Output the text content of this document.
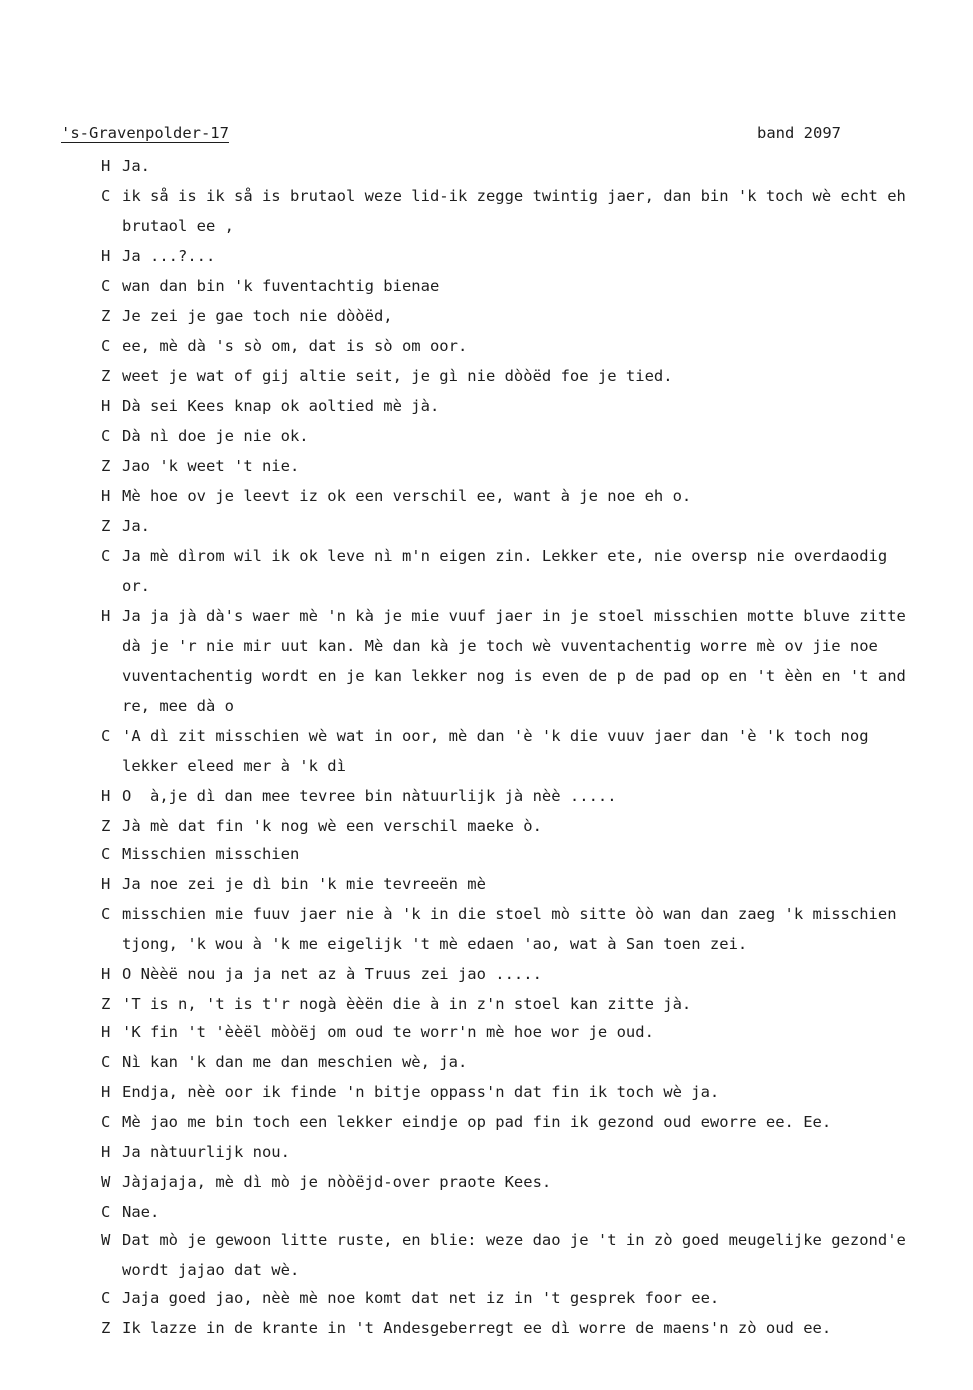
's-Gravenpolder-17	band 2097
H Ja.
C ik så is ik så is brutaol weze lid-ik zegge twintig jaer, dan bin 'k toch wè echt eh
brutaol ee ,
H Ja ...?...
C wan dan bin 'k fuventachtig bienae
Z Je zei je gae toch nie dòòëd,
C ee, mè dà 's sò om, dat is sò om oor.
Z weet je wat of gij altie seit, je gì nie dòòëd foe je tied.
H Dà sei Kees knap ok aoltied mè jà.
C Dà nì doe je nie ok.
Z Jao 'k weet 't nie.
H Mè hoe ov je leevt iz ok een verschil ee, want à je noe eh o.
Z Ja.
C Ja mè dìrom wil ik ok leve nì m'n eigen zin. Lekker ete, nie oversp nie overdaodig
or.
H Ja ja jà dà's waer mè 'n kà je mie vuuf jaer in je stoel misschien motte bluve zitte
dà je 'r nie mir uut kan. Mè dan kà je toch wè vuventachentig worre mè ov jie noe
vuventachentig wordt en je kan lekker nog is even de p de pad op en 't èèn en 't and
re, mee dà o
C 'A dì zit misschien wè wat in oor, mè dan 'è 'k die vuuv jaer dan 'è 'k toch nog
lekker eleed mer à 'k dì
H O  à,je dì dan mee tevree bin nàtuurlijk jà nèè .....
Z Jà mè dat fin 'k nog wè een verschil maeke ò.
C Misschien misschien
H Ja noe zei je dì bin 'k mie tevreeën mè
C misschien mie fuuv jaer nie à 'k in die stoel mò sitte òò wan dan zaeg 'k misschien
tjong, 'k wou à 'k me eigelijk 't mè edaen 'ao, wat à San toen zei.
H O Nèèë nou ja ja net az à Truus zei jao .....
Z 'T is n, 't is t'r nogà èèën die à in z'n stoel kan zitte jà.
H 'K fin 't 'èèël mòòëj om oud te worr'n mè hoe wor je oud.
C Nì kan 'k dan me dan meschien wè, ja.
H Endja, nèè oor ik finde 'n bitje oppass'n dat fin ik toch wè ja.
C Mè jao me bin toch een lekker eindje op pad fin ik gezond oud eworre ee. Ee.
H Ja nàtuurlijk nou.
W Jàjajaja, mè dì mò je nòòëjd-over praote Kees.
C Nae.
W Dat mò je gewoon litte ruste, en blie: weze dao je 't in zò goed meugelijke gezond'e
wordt jajao dat wè.
C Jaja goed jao, nèè mè noe komt dat net iz in 't gesprek foor ee.
Z Ik lazze in de krante in 't Andesgeberregt ee dì worre de maens'n zò oud ee.
